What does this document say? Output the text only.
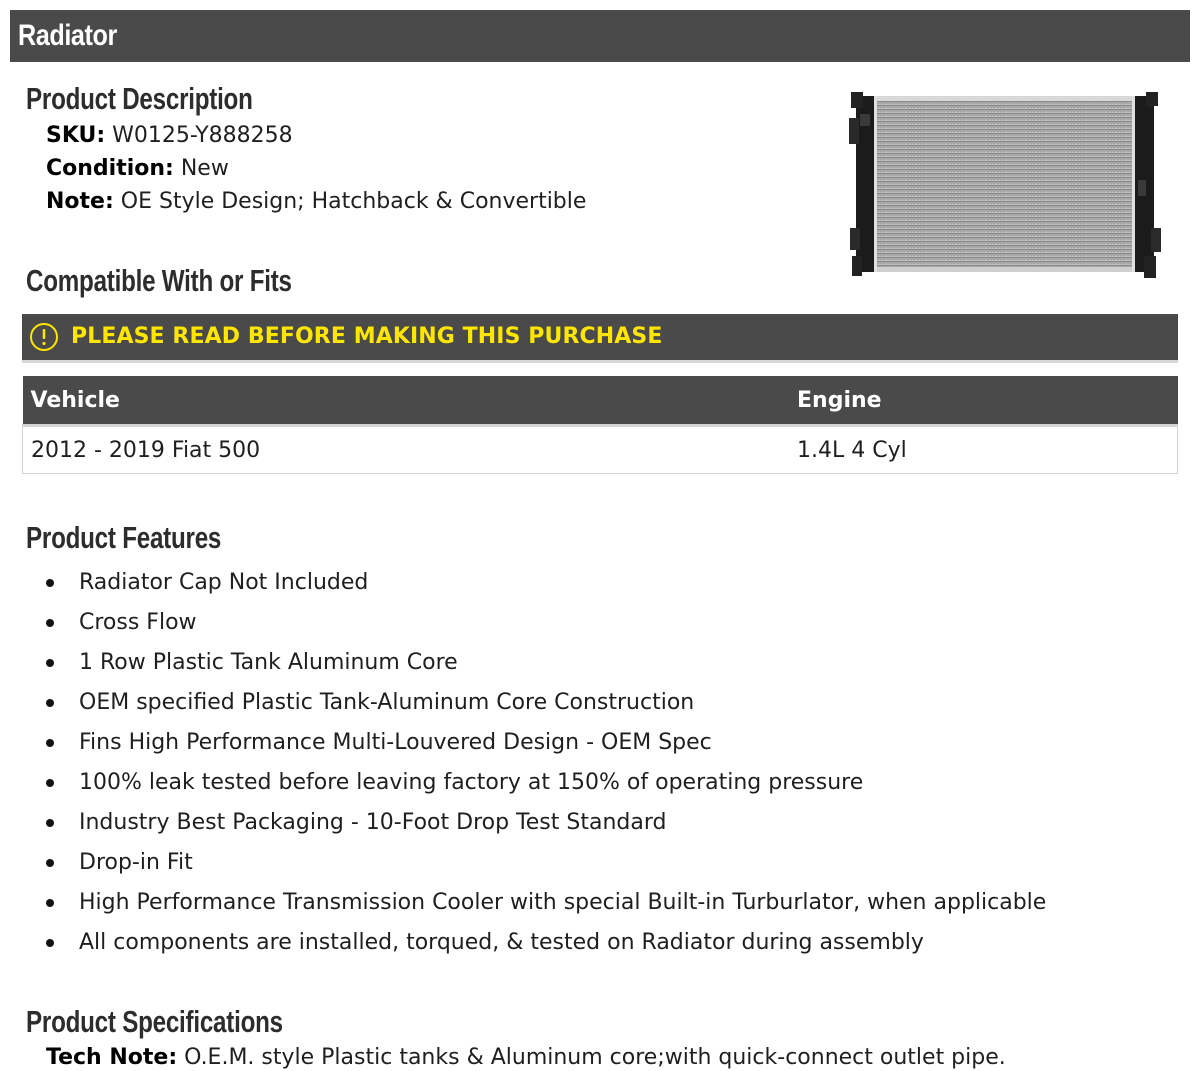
Radiator
Product Description
SKU: W0125-Y888258
Condition: New
Note: OE Style Design; Hatchback & Convertible
Compatible With or Fits
PLEASE READ BEFORE MAKING THIS PURCHASE
Vehicle	Engine
2012 - 2019 Fiat 500	1.4L 4 Cyl
Product Features
Radiator Cap Not Included
Cross Flow
1 Row Plastic Tank Aluminum Core
OEM specified Plastic Tank-Aluminum Core Construction
Fins High Performance Multi-Louvered Design - OEM Spec
100% leak tested before leaving factory at 150% of operating pressure
Industry Best Packaging - 10-Foot Drop Test Standard
Drop-in Fit
High Performance Transmission Cooler with special Built-in Turburlator, when applicable
All components are installed, torqued, & tested on Radiator during assembly
Product Specifications
Tech Note: O.E.M. style Plastic tanks & Aluminum core;with quick-connect outlet pipe.
